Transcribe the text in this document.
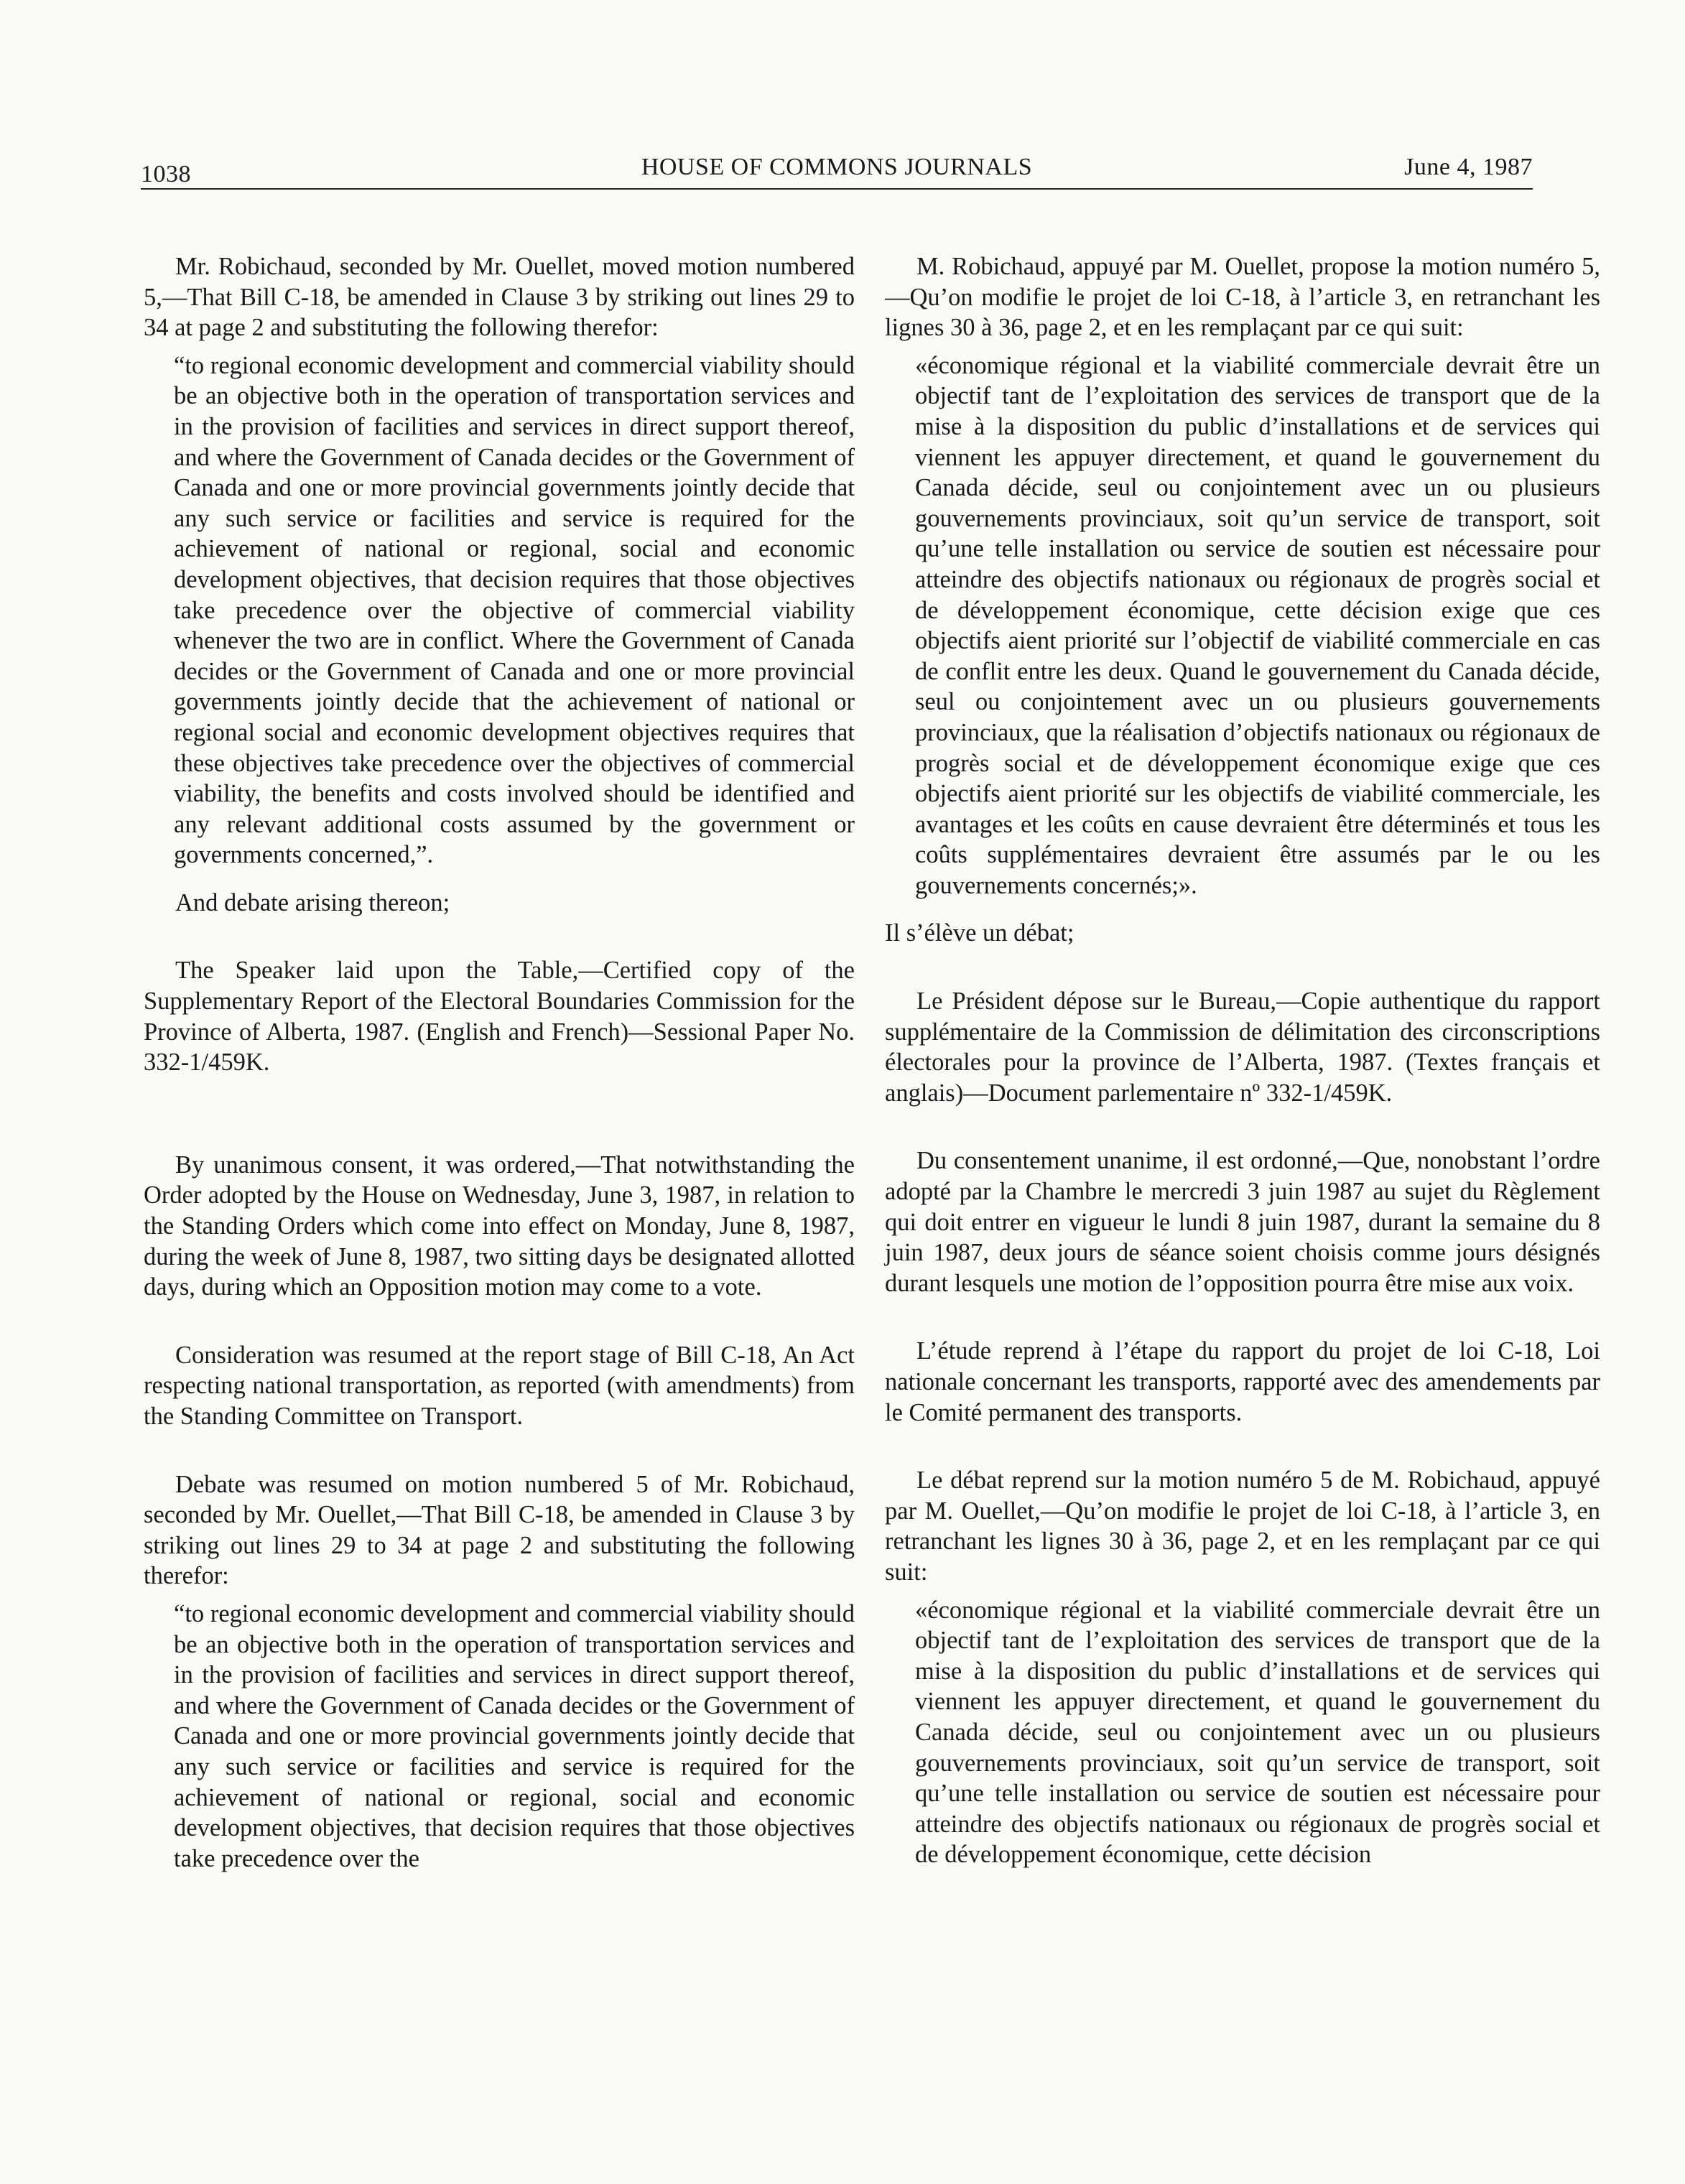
1038	HOUSE OF COMMONS JOURNALS	June 4, 1987

Mr. Robichaud, seconded by Mr. Ouellet, moved motion numbered 5,—That Bill C-18, be amended in Clause 3 by striking out lines 29 to 34 at page 2 and substituting the following therefor:

“to regional economic development and commercial viability should be an objective both in the operation of transportation services and in the provision of facilities and services in direct support thereof, and where the Government of Canada decides or the Government of Canada and one or more provincial governments jointly decide that any such service or facilities and service is required for the achievement of national or regional, social and economic development objectives, that decision requires that those objectives take precedence over the objective of commercial viability whenever the two are in conflict. Where the Government of Canada decides or the Government of Canada and one or more provincial governments jointly decide that the achievement of national or regional social and economic development objectives requires that these objectives take precedence over the objectives of commercial viability, the benefits and costs involved should be identified and any relevant additional costs assumed by the government or governments concerned,”.

And debate arising thereon;

The Speaker laid upon the Table,—Certified copy of the Supplementary Report of the Electoral Boundaries Commission for the Province of Alberta, 1987. (English and French)—Sessional Paper No. 332-1/459K.

By unanimous consent, it was ordered,—That notwithstanding the Order adopted by the House on Wednesday, June 3, 1987, in relation to the Standing Orders which come into effect on Monday, June 8, 1987, during the week of June 8, 1987, two sitting days be designated allotted days, during which an Opposition motion may come to a vote.

Consideration was resumed at the report stage of Bill C-18, An Act respecting national transportation, as reported (with amendments) from the Standing Committee on Transport.

Debate was resumed on motion numbered 5 of Mr. Robichaud, seconded by Mr. Ouellet,—That Bill C-18, be amended in Clause 3 by striking out lines 29 to 34 at page 2 and substituting the following therefor:

“to regional economic development and commercial viability should be an objective both in the operation of transportation services and in the provision of facilities and services in direct support thereof, and where the Government of Canada decides or the Government of Canada and one or more provincial governments jointly decide that any such service or facilities and service is required for the achievement of national or regional, social and economic development objectives, that decision requires that those objectives take precedence over the

M. Robichaud, appuyé par M. Ouellet, propose la motion numéro 5,—Qu’on modifie le projet de loi C-18, à l’article 3, en retranchant les lignes 30 à 36, page 2, et en les remplaçant par ce qui suit:

«économique régional et la viabilité commerciale devrait être un objectif tant de l’exploitation des services de transport que de la mise à la disposition du public d’installations et de services qui viennent les appuyer directement, et quand le gouvernement du Canada décide, seul ou conjointement avec un ou plusieurs gouvernements provinciaux, soit qu’un service de transport, soit qu’une telle installation ou service de soutien est nécessaire pour atteindre des objectifs nationaux ou régionaux de progrès social et de développement économique, cette décision exige que ces objectifs aient priorité sur l’objectif de viabilité commerciale en cas de conflit entre les deux. Quand le gouvernement du Canada décide, seul ou conjointement avec un ou plusieurs gouvernements provinciaux, que la réalisation d’objectifs nationaux ou régionaux de progrès social et de développement économique exige que ces objectifs aient priorité sur les objectifs de viabilité commerciale, les avantages et les coûts en cause devraient être déterminés et tous les coûts supplémentaires devraient être assumés par le ou les gouvernements concernés;».

Il s’élève un débat;

Le Président dépose sur le Bureau,—Copie authentique du rapport supplémentaire de la Commission de délimitation des circonscriptions électorales pour la province de l’Alberta, 1987. (Textes français et anglais)—Document parlementaire nº 332-1/459K.

Du consentement unanime, il est ordonné,—Que, nonobstant l’ordre adopté par la Chambre le mercredi 3 juin 1987 au sujet du Règlement qui doit entrer en vigueur le lundi 8 juin 1987, durant la semaine du 8 juin 1987, deux jours de séance soient choisis comme jours désignés durant lesquels une motion de l’opposition pourra être mise aux voix.

L’étude reprend à l’étape du rapport du projet de loi C-18, Loi nationale concernant les transports, rapporté avec des amendements par le Comité permanent des transports.

Le débat reprend sur la motion numéro 5 de M. Robichaud, appuyé par M. Ouellet,—Qu’on modifie le projet de loi C-18, à l’article 3, en retranchant les lignes 30 à 36, page 2, et en les remplaçant par ce qui suit:

«économique régional et la viabilité commerciale devrait être un objectif tant de l’exploitation des services de transport que de la mise à la disposition du public d’installations et de services qui viennent les appuyer directement, et quand le gouvernement du Canada décide, seul ou conjointement avec un ou plusieurs gouvernements provinciaux, soit qu’un service de transport, soit qu’une telle installation ou service de soutien est nécessaire pour atteindre des objectifs nationaux ou régionaux de progrès social et de développement économique, cette décision
